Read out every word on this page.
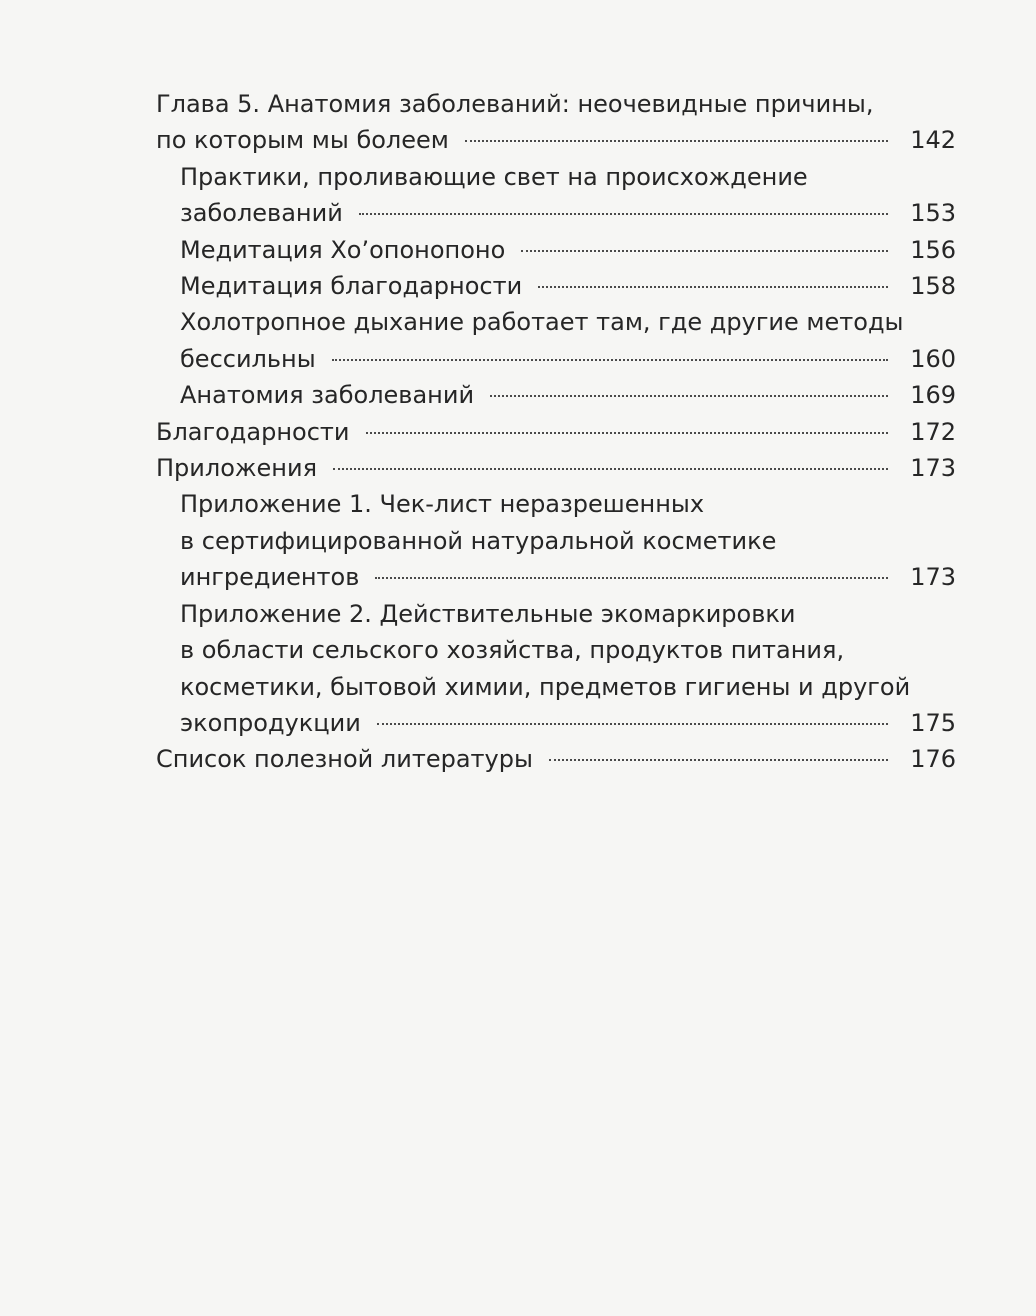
Глава 5. Анатомия заболеваний: неочевидные причины,
по которым мы болеем	142
Практики, проливающие свет на происхождение
заболеваний	153
Медитация Хо’опонопоно	156
Медитация благодарности	158
Холотропное дыхание работает там, где другие методы
бессильны	160
Анатомия заболеваний	169
Благодарности	172
Приложения	173
Приложение 1. Чек-лист неразрешенных
в сертифицированной натуральной косметике
ингредиентов	173
Приложение 2. Действительные экомаркировки
в области сельского хозяйства, продуктов питания,
косметики, бытовой химии, предметов гигиены и другой
экопродукции	175
Список полезной литературы	176
